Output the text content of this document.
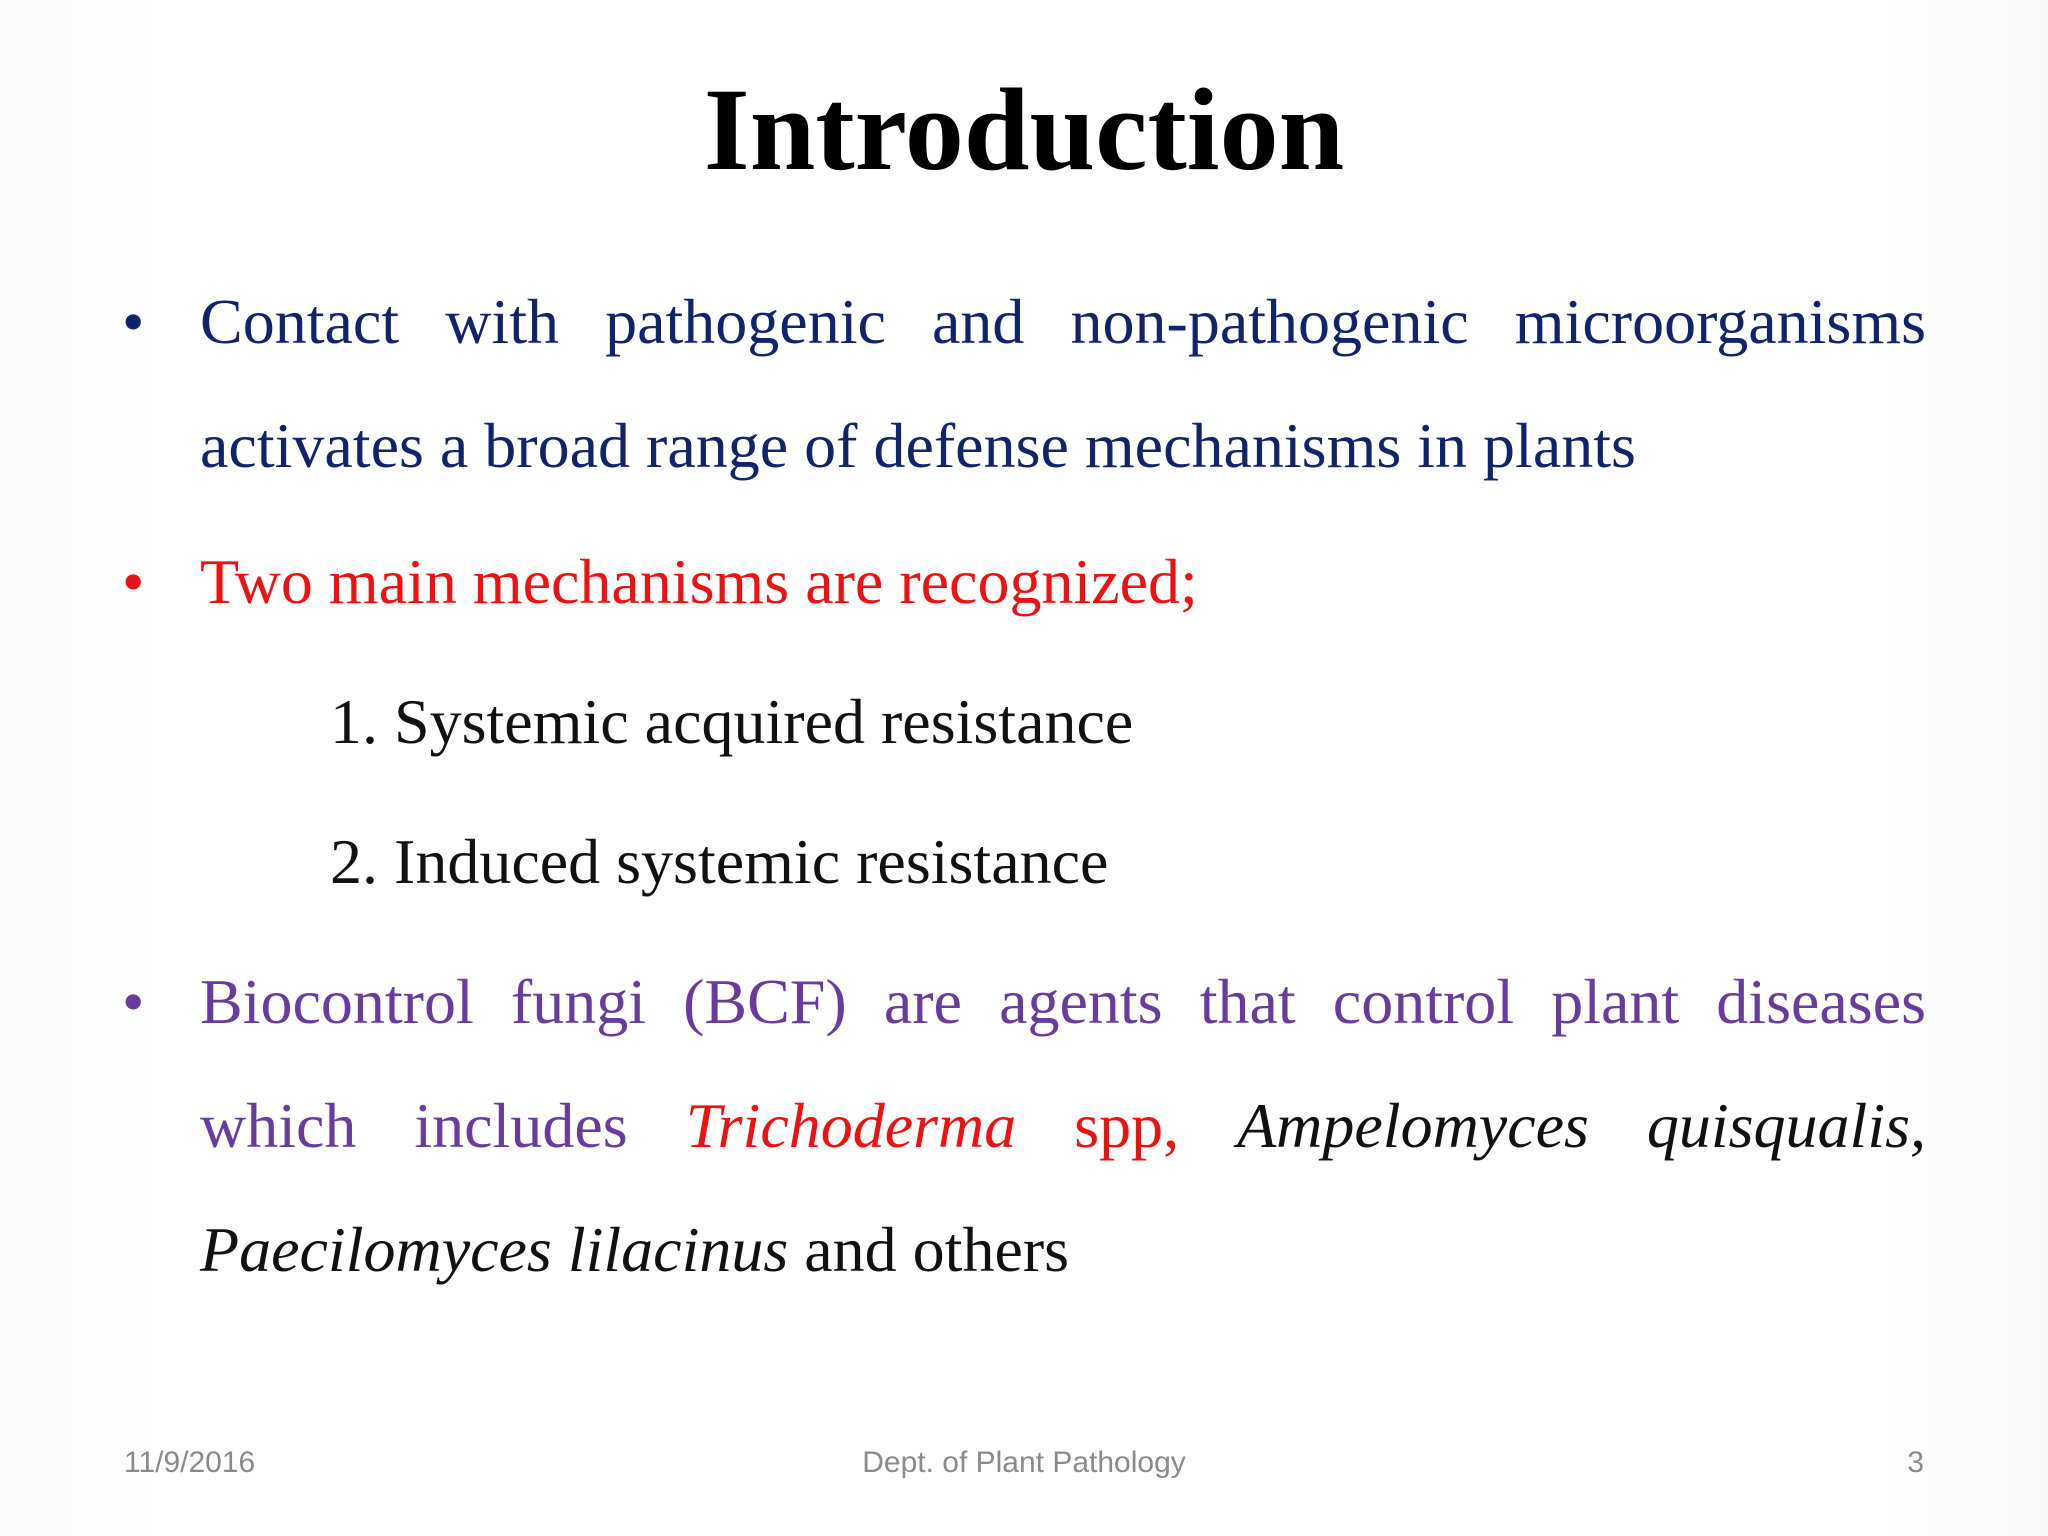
Introduction
• Contact with pathogenic and non-pathogenic microorganisms activates a broad range of defense mechanisms in plants
• Two main mechanisms are recognized;
1. Systemic acquired resistance
2. Induced systemic resistance
• Biocontrol fungi (BCF) are agents that control plant diseases which includes Trichoderma spp, Ampelomyces quisqualis, Paecilomyces lilacinus and others
11/9/2016	Dept. of Plant Pathology	3
